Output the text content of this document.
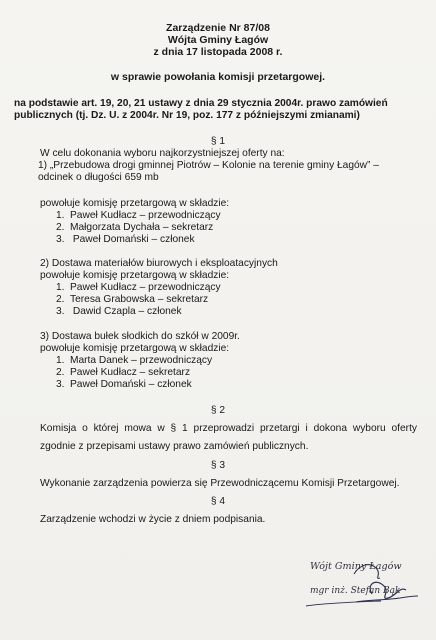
Zarządzenie Nr 87/08
Wójta Gminy Łagów
z dnia 17 listopada 2008 r.
w sprawie powołania komisji przetargowej.
na podstawie art. 19, 20, 21 ustawy z dnia 29 stycznia 2004r. prawo zamówień
publicznych (tj. Dz. U. z 2004r. Nr 19, poz. 177 z późniejszymi zmianami)
§ 1
W celu dokonania wyboru najkorzystniejszej oferty na:
1) „Przebudowa drogi gminnej Piotrów – Kolonie na terenie gminy Łagów” –
odcinek o długości 659 mb
powołuje komisję przetargową w składzie:
1. Paweł Kudłacz – przewodniczący
2. Małgorzata Dychała – sekretarz
3. Paweł Domański – członek
2) Dostawa materiałów biurowych i eksploatacyjnych
powołuje komisję przetargową w składzie:
1. Paweł Kudłacz – przewodniczący
2. Teresa Grabowska – sekretarz
3. Dawid Czapla – członek
3) Dostawa bułek słodkich do szkół w 2009r.
powołuje komisję przetargową w składzie:
1. Marta Danek – przewodniczący
2. Paweł Kudłacz – sekretarz
3. Paweł Domański – członek
§ 2
Komisja o której mowa w § 1 przeprowadzi przetargi i dokona wyboru oferty
zgodnie z przepisami ustawy prawo zamówień publicznych.
§ 3
Wykonanie zarządzenia powierza się Przewodniczącemu Komisji Przetargowej.
§ 4
Zarządzenie wchodzi w życie z dniem podpisania.
Wójt Gminy Łagów
mgr inż. Stefan Bąk
